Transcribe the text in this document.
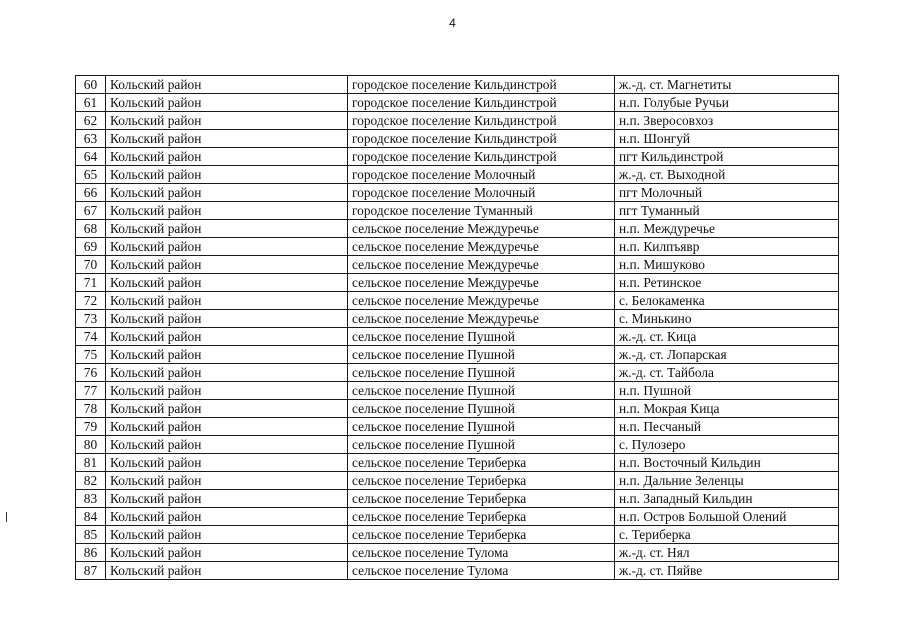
4
60	Кольский район	городское поселение Кильдинстрой	ж.-д. ст. Магнетиты
61	Кольский район	городское поселение Кильдинстрой	н.п. Голубые Ручьи
62	Кольский район	городское поселение Кильдинстрой	н.п. Зверосовхоз
63	Кольский район	городское поселение Кильдинстрой	н.п. Шонгуй
64	Кольский район	городское поселение Кильдинстрой	пгт Кильдинстрой
65	Кольский район	городское поселение Молочный	ж.-д. ст. Выходной
66	Кольский район	городское поселение Молочный	пгт Молочный
67	Кольский район	городское поселение Туманный	пгт Туманный
68	Кольский район	сельское поселение Междуречье	н.п. Междуречье
69	Кольский район	сельское поселение Междуречье	н.п. Килпъявр
70	Кольский район	сельское поселение Междуречье	н.п. Мишуково
71	Кольский район	сельское поселение Междуречье	н.п. Ретинское
72	Кольский район	сельское поселение Междуречье	с. Белокаменка
73	Кольский район	сельское поселение Междуречье	с. Минькино
74	Кольский район	сельское поселение Пушной	ж.-д. ст. Кица
75	Кольский район	сельское поселение Пушной	ж.-д. ст. Лопарская
76	Кольский район	сельское поселение Пушной	ж.-д. ст. Тайбола
77	Кольский район	сельское поселение Пушной	н.п. Пушной
78	Кольский район	сельское поселение Пушной	н.п. Мокрая Кица
79	Кольский район	сельское поселение Пушной	н.п. Песчаный
80	Кольский район	сельское поселение Пушной	с. Пулозеро
81	Кольский район	сельское поселение Териберка	н.п. Восточный Кильдин
82	Кольский район	сельское поселение Териберка	н.п. Дальние Зеленцы
83	Кольский район	сельское поселение Териберка	н.п. Западный Кильдин
84	Кольский район	сельское поселение Териберка	н.п. Остров Большой Олений
85	Кольский район	сельское поселение Териберка	с. Териберка
86	Кольский район	сельское поселение Тулома	ж.-д. ст. Нял
87	Кольский район	сельское поселение Тулома	ж.-д. ст. Пяйве
